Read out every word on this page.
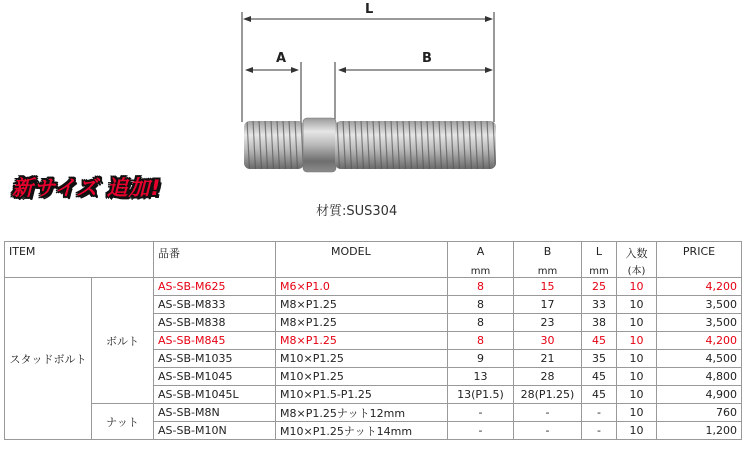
L
A	B
新サイズ 追加!
材質:SUS304
ITEM		品番	MODEL	A	B	L	入数	PRICE
				mm	mm	mm	(本)	
スタッドボルト	ボルト	AS-SB-M625	M6×P1.0	8	15	25	10	4,200
		AS-SB-M833	M8×P1.25	8	17	33	10	3,500
		AS-SB-M838	M8×P1.25	8	23	38	10	3,500
		AS-SB-M845	M8×P1.25	8	30	45	10	4,200
		AS-SB-M1035	M10×P1.25	9	21	35	10	4,500
		AS-SB-M1045	M10×P1.25	13	28	45	10	4,800
		AS-SB-M1045L	M10×P1.5-P1.25	13(P1.5)	28(P1.25)	45	10	4,900
	ナット	AS-SB-M8N	M8×P1.25ナット12mm	-	-	-	10	760
		AS-SB-M10N	M10×P1.25ナット14mm	-	-	-	10	1,200
